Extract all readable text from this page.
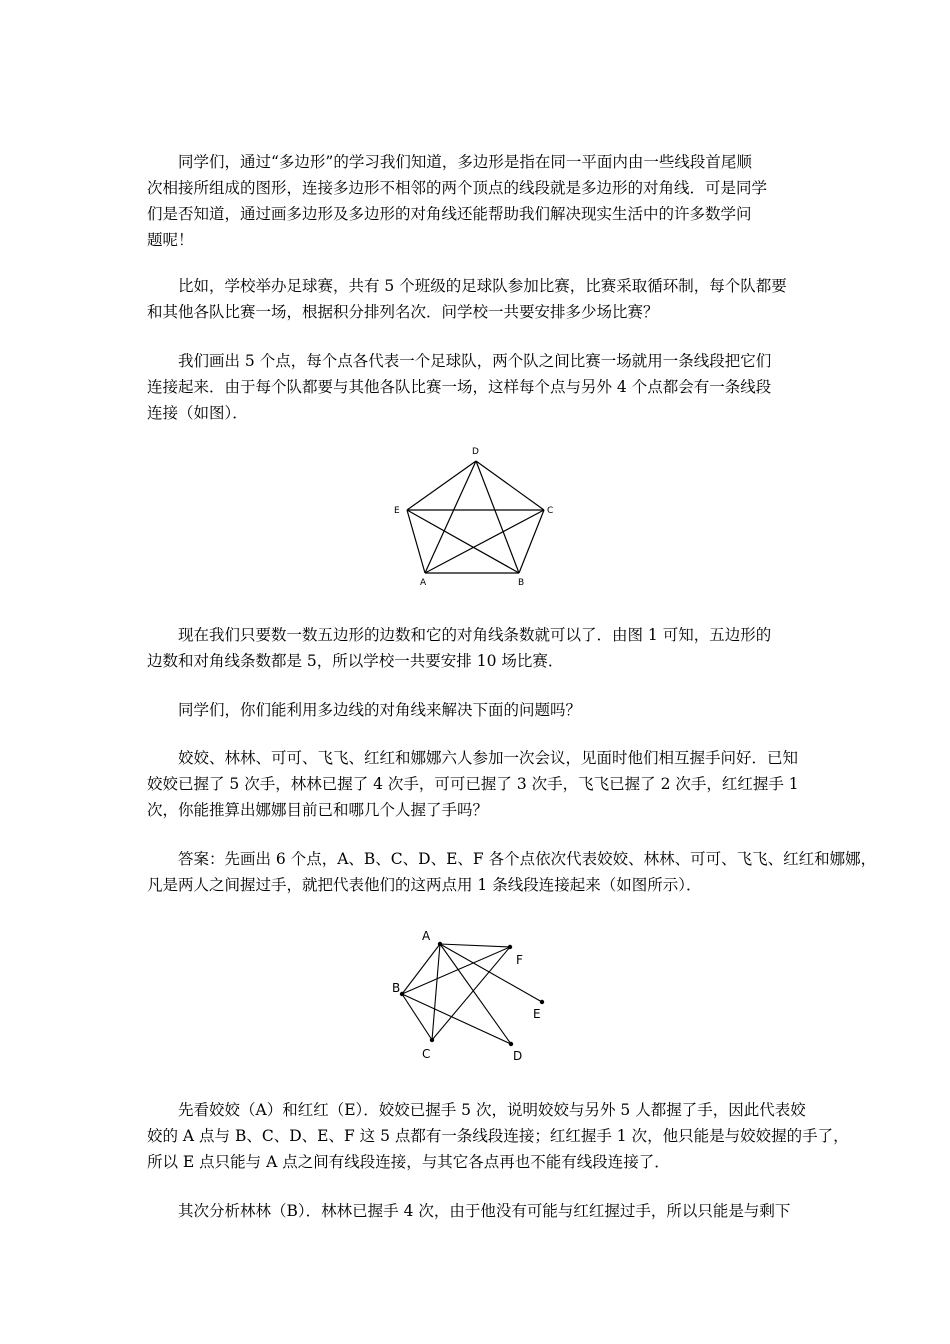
同学们，通过“多边形”的学习我们知道，多边形是指在同一平面内由一些线段首尾顺
次相接所组成的图形，连接多边形不相邻的两个顶点的线段就是多边形的对角线．可是同学
们是否知道，通过画多边形及多边形的对角线还能帮助我们解决现实生活中的许多数学问
题呢！

比如，学校举办足球赛，共有 5 个班级的足球队参加比赛，比赛采取循环制，每个队都要
和其他各队比赛一场，根据积分排列名次．问学校一共要安排多少场比赛？

我们画出 5 个点，每个点各代表一个足球队，两个队之间比赛一场就用一条线段把它们
连接起来．由于每个队都要与其他各队比赛一场，这样每个点与另外 4 个点都会有一条线段
连接（如图）．

D
E	C
A	B

现在我们只要数一数五边形的边数和它的对角线条数就可以了．由图 1 可知，五边形的
边数和对角线条数都是 5，所以学校一共要安排 10 场比赛．

同学们，你们能利用多边线的对角线来解决下面的问题吗？

姣姣、林林、可可、飞飞、红红和娜娜六人参加一次会议，见面时他们相互握手问好．已知
姣姣已握了 5 次手，林林已握了 4 次手，可可已握了 3 次手，飞飞已握了 2 次手，红红握手 1
次，你能推算出娜娜目前已和哪几个人握了手吗？

答案：先画出 6 个点，A、B、C、D、E、F 各个点依次代表姣姣、林林、可可、飞飞、红红和娜娜，
凡是两人之间握过手，就把代表他们的这两点用 1 条线段连接起来（如图所示）．

A
F
B
E
C	D

先看姣姣（A）和红红（E）．姣姣已握手 5 次，说明姣姣与另外 5 人都握了手，因此代表姣
姣的 A 点与 B、C、D、E、F 这 5 点都有一条线段连接；红红握手 1 次，他只能是与姣姣握的手了，
所以 E 点只能与 A 点之间有线段连接，与其它各点再也不能有线段连接了．

其次分析林林（B）．林林已握手 4 次，由于他没有可能与红红握过手，所以只能是与剩下
